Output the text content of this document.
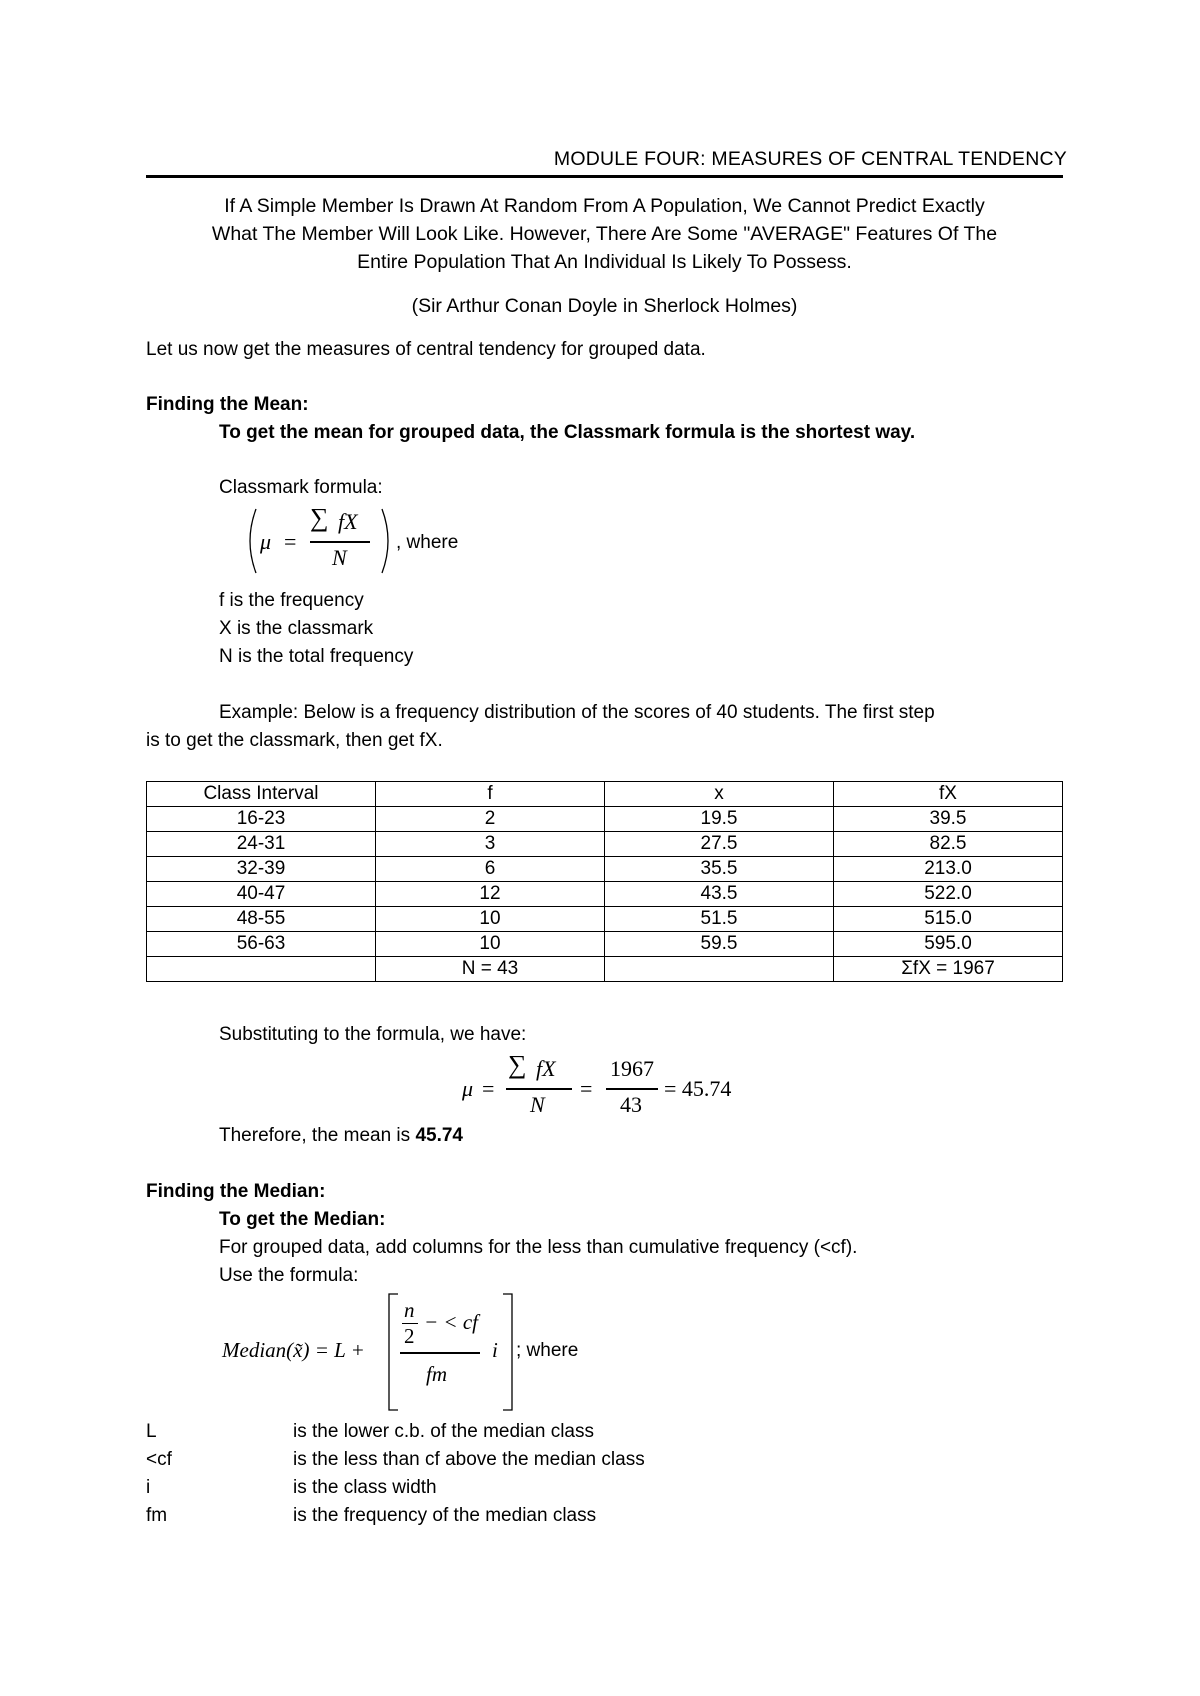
MODULE FOUR: MEASURES OF CENTRAL TENDENCY
If A Simple Member Is Drawn At Random From A Population, We Cannot Predict Exactly
What The Member Will Look Like. However, There Are Some "AVERAGE" Features Of The
Entire Population That An Individual Is Likely To Possess.
(Sir Arthur Conan Doyle in Sherlock Holmes)
Let us now get the measures of central tendency for grouped data.
Finding the Mean:
To get the mean for grouped data, the Classmark formula is the shortest way.
Classmark formula:
μ =
∑ fX
N
, where
f is the frequency
X is the classmark
N is the total frequency
Example: Below is a frequency distribution of the scores of 40 students. The first step
is to get the classmark, then get fX.
Class Interval	f	x	fX
16-23	2	19.5	39.5
24-31	3	27.5	82.5
32-39	6	35.5	213.0
40-47	12	43.5	522.0
48-55	10	51.5	515.0
56-63	10	59.5	595.0
	N = 43		ΣfX = 1967
Substituting to the formula, we have:
μ =
∑ fX
N
=
1967
43
= 45.74
Therefore, the mean is 45.74
Finding the Median:
To get the Median:
For grouped data, add columns for the less than cumulative frequency (<cf).
Use the formula:
Median(x̃) = L +
n
2
− < cf
fm
i ; where
L	is the lower c.b. of the median class
<cf	is the less than cf above the median class
i	is the class width
fm	is the frequency of the median class
